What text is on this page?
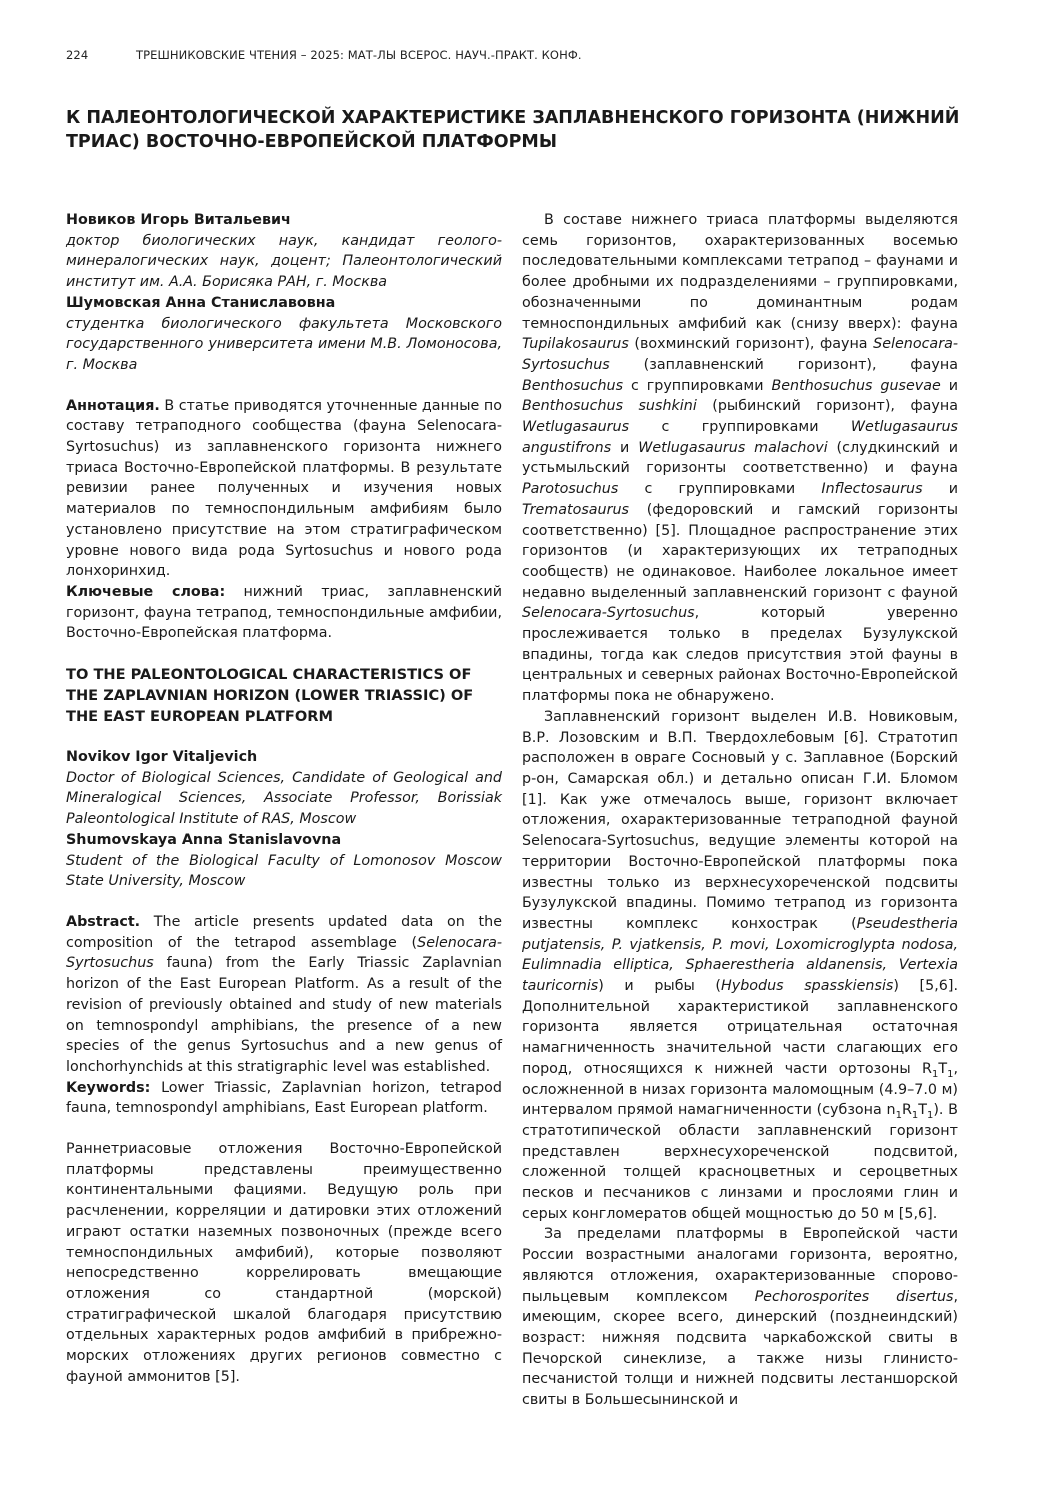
224	ТРЕШНИКОВСКИЕ ЧТЕНИЯ – 2025: МАТ-ЛЫ ВСЕРОС. НАУЧ.-ПРАКТ. КОНФ.
К ПАЛЕОНТОЛОГИЧЕСКОЙ ХАРАКТЕРИСТИКЕ ЗАПЛАВНЕНСКОГО ГОРИЗОНТА (НИЖНИЙ ТРИАС) ВОСТОЧНО-ЕВРОПЕЙСКОЙ ПЛАТФОРМЫ

Новиков Игорь Витальевич

доктор биологических наук, кандидат геолого-минералогических наук, доцент; Палеонтологический институт им. А.А. Борисяка РАН, г. Москва

Шумовская Анна Станиславовна

студентка биологического факультета Московского государственного университета имени М.В. Ломоносова, г. Москва

Аннотация. В статье приводятся уточненные данные по составу тетраподного сообщества (фауна Selenocara-Syrtosuchus) из заплавненского горизонта нижнего триаса Восточно-Европейской платформы. В результате ревизии ранее полученных и изучения новых материалов по темноспондильным амфибиям было установлено присутствие на этом стратиграфическом уровне нового вида рода Syrtosuchus и нового рода лонхоринхид.

Ключевые слова: нижний триас, заплавненский горизонт, фауна тетрапод, темноспондильные амфибии, Восточно-Европейская платформа.

TO THE PALEONTOLOGICAL CHARACTERISTICS OF THE ZAPLAVNIAN HORIZON (LOWER TRIASSIC) OF THE EAST EUROPEAN PLATFORM

Novikov Igor Vitaljevich

Doctor of Biological Sciences, Candidate of Geological and Mineralogical Sciences, Associate Professor, Borissiak Paleontological Institute of RAS, Moscow

Shumovskaya Anna Stanislavovna

Student of the Biological Faculty of Lomonosov Moscow State University, Moscow

Abstract. The article presents updated data on the composition of the tetrapod assemblage (Selenocara-Syrtosuchus fauna) from the Early Triassic Zaplavnian horizon of the East European Platform. As a result of the revision of previously obtained and study of new materials on temnospondyl amphibians, the presence of a new species of the genus Syrtosuchus and a new genus of lonchorhynchids at this stratigraphic level was established.

Keywords: Lower Triassic, Zaplavnian horizon, tetrapod fauna, temnospondyl amphibians, East European platform.

Раннетриасовые отложения Восточно-Европейской платформы представлены преимущественно континентальными фациями. Ведущую роль при расчленении, корреляции и датировки этих отложений играют остатки наземных позвоночных (прежде всего темноспондильных амфибий), которые позволяют непосредственно коррелировать вмещающие отложения со стандартной (морской) стратиграфической шкалой благодаря присутствию отдельных характерных родов амфибий в прибрежно-морских отложениях других регионов совместно с фауной аммонитов [5].

В составе нижнего триаса платформы выделяются семь горизонтов, охарактеризованных восемью последовательными комплексами тетрапод – фаунами и более дробными их подразделениями – группировками, обозначенными по доминантным родам темноспондильных амфибий как (снизу вверх): фауна Tupilakosaurus (вохминский горизонт), фауна Selenocara-Syrtosuchus (заплавненский горизонт), фауна Benthosuchus с группировками Benthosuchus gusevae и Benthosuchus sushkini (рыбинский горизонт), фауна Wetlugasaurus с группировками Wetlugasaurus angustifrons и Wetlugasaurus malachovi (слудкинский и устьмыльский горизонты соответственно) и фауна Parotosuchus с группировками Inflectosaurus и Trematosaurus (федоровский и гамский горизонты соответственно) [5]. Площадное распространение этих горизонтов (и характеризующих их тетраподных сообществ) не одинаковое. Наиболее локальное имеет недавно выделенный заплавненский горизонт с фауной Selenocara-Syrtosuchus, который уверенно прослеживается только в пределах Бузулукской впадины, тогда как следов присутствия этой фауны в центральных и северных районах Восточно-Европейской платформы пока не обнаружено.

Заплавненский горизонт выделен И.В. Новиковым, В.Р. Лозовским и В.П. Твердохлебовым [6]. Стратотип расположен в овраге Сосновый у с. Заплавное (Борский р-он, Самарская обл.) и детально описан Г.И. Бломом [1]. Как уже отмечалось выше, горизонт включает отложения, охарактеризованные тетраподной фауной Selenocara-Syrtosuchus, ведущие элементы которой на территории Восточно-Европейской платформы пока известны только из верхнесухореченской подсвиты Бузулукской впадины. Помимо тетрапод из горизонта известны комплекс конхострак (Pseudestheria putjatensis, P. vjatkensis, P. movi, Loxomicroglypta nodosa, Eulimnadia elliptica, Sphaerestheria aldanensis, Vertexia tauricornis) и рыбы (Hybodus spasskiensis) [5,6]. Дополнительной характеристикой заплавненского горизонта является отрицательная остаточная намагниченность значительной части слагающих его пород, относящихся к нижней части ортозоны $R_1T_1$, осложненной в низах горизонта маломощным (4.9–7.0 м) интервалом прямой намагниченности (субзона $n_1R_1T_1$). В стратотипической области заплавненский горизонт представлен верхнесухореченской подсвитой, сложенной толщей красноцветных и сероцветных песков и песчаников с линзами и прослоями глин и серых конгломератов общей мощностью до 50 м [5,6].

За пределами платформы в Европейской части России возрастными аналогами горизонта, вероятно, являются отложения, охарактеризованные спорово-пыльцевым комплексом Pechorosporites disertus, имеющим, скорее всего, динерский (позднеиндский) возраст: нижняя подсвита чаркабожской свиты в Печорской синеклизе, а также низы глинисто-песчанистой толщи и нижней подсвиты лестаншорской свиты в Большесынинской и
